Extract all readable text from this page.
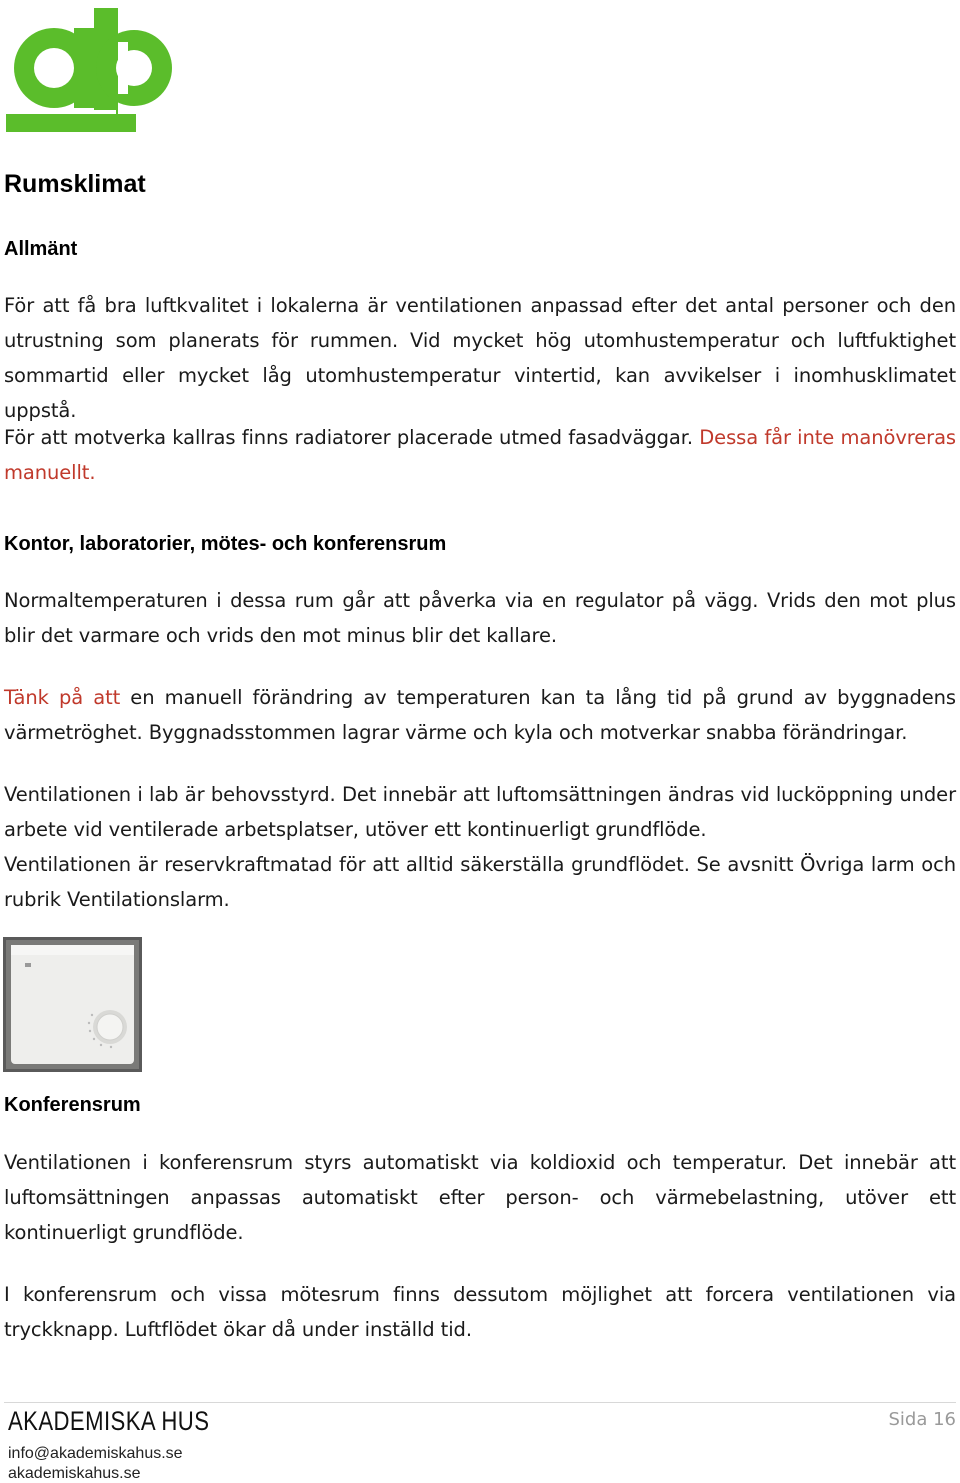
Rumsklimat
Allmänt
För att få bra luftkvalitet i lokalerna är ventilationen anpassad efter det antal personer och den utrustning som planerats för rummen. Vid mycket hög utomhustemperatur och luftfuktighet sommartid eller mycket låg utomhustemperatur vintertid, kan avvikelser i inomhusklimatet uppstå.
För att motverka kallras finns radiatorer placerade utmed fasadväggar. Dessa får inte manövreras manuellt.
Kontor, laboratorier, mötes- och konferensrum
Normaltemperaturen i dessa rum går att påverka via en regulator på vägg. Vrids den mot plus blir det varmare och vrids den mot minus blir det kallare.
Tänk på att en manuell förändring av temperaturen kan ta lång tid på grund av byggnadens värmetröghet. Byggnadsstommen lagrar värme och kyla och motverkar snabba förändringar.
Ventilationen i lab är behovsstyrd. Det innebär att luftomsättningen ändras vid lucköppning under arbete vid ventilerade arbetsplatser, utöver ett kontinuerligt grundflöde.
Ventilationen är reservkraftmatad för att alltid säkerställa grundflödet. Se avsnitt Övriga larm och rubrik Ventilationslarm.
Konferensrum
Ventilationen i konferensrum styrs automatiskt via koldioxid och temperatur. Det innebär att luftomsättningen anpassas automatiskt efter person- och värmebelastning, utöver ett kontinuerligt grundflöde.
I konferensrum och vissa mötesrum finns dessutom möjlighet att forcera ventilationen via tryckknapp. Luftflödet ökar då under inställd tid.
AKADEMISKA HUS
info@akademiskahus.se
akademiskahus.se
Sida 16
